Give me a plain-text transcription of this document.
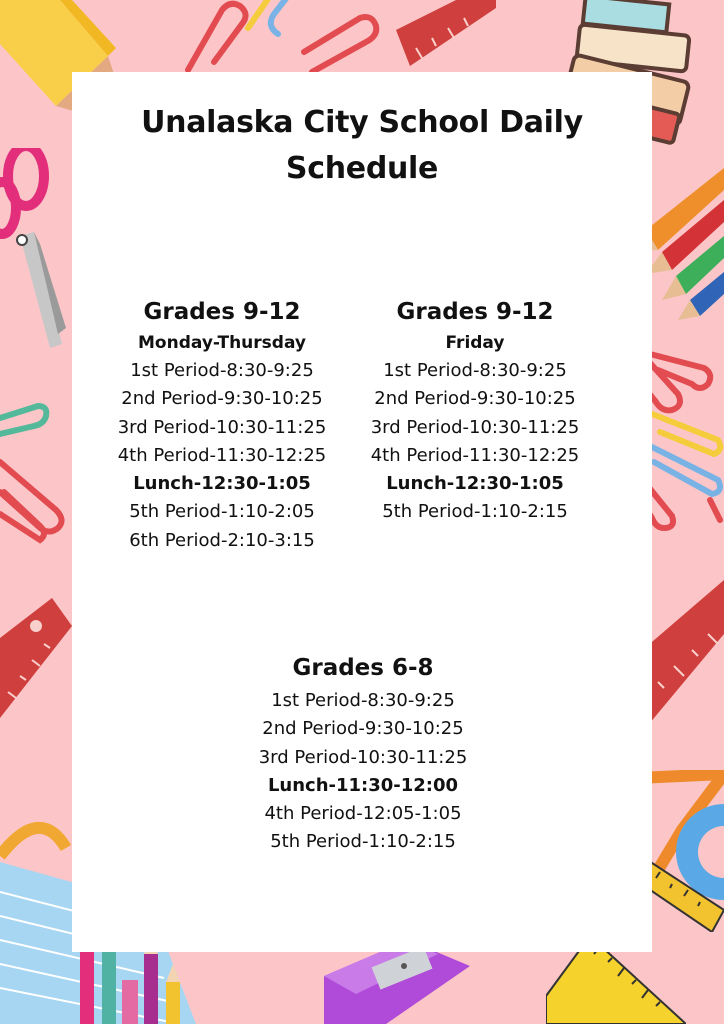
Unalaska City School Daily
Schedule
Grades 9-12
Monday-Thursday
1st Period-8:30-9:25
2nd Period-9:30-10:25
3rd Period-10:30-11:25
4th Period-11:30-12:25
Lunch-12:30-1:05
5th Period-1:10-2:05
6th Period-2:10-3:15
Grades 9-12
Friday
1st Period-8:30-9:25
2nd Period-9:30-10:25
3rd Period-10:30-11:25
4th Period-11:30-12:25
Lunch-12:30-1:05
5th Period-1:10-2:15
Grades 6-8
1st Period-8:30-9:25
2nd Period-9:30-10:25
3rd Period-10:30-11:25
Lunch-11:30-12:00
4th Period-12:05-1:05
5th Period-1:10-2:15
